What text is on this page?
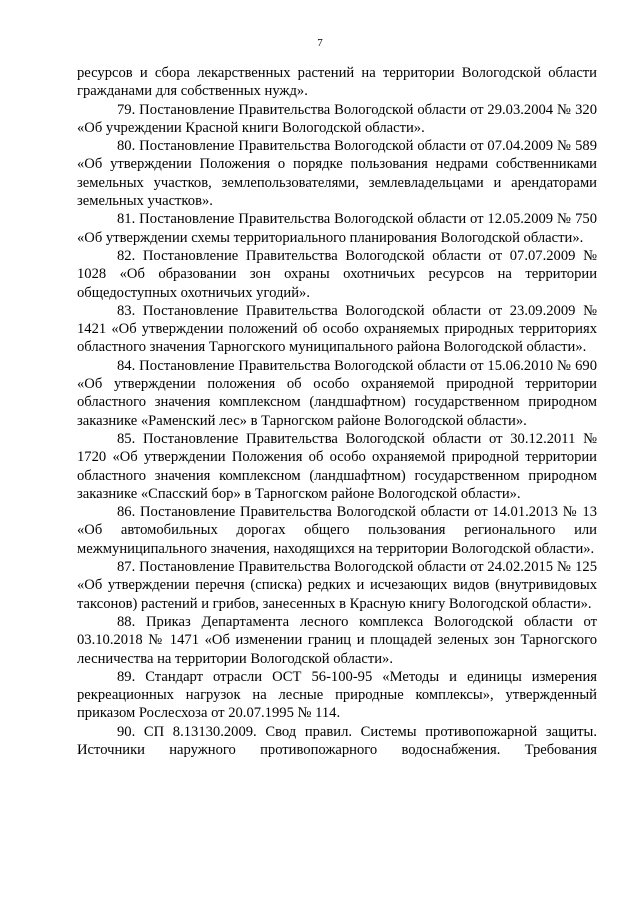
7

ресурсов и сбора лекарственных растений на территории Вологодской области гражданами для собственных нужд».

79. Постановление Правительства Вологодской области от 29.03.2004 № 320 «Об учреждении Красной книги Вологодской области».

80. Постановление Правительства Вологодской области от 07.04.2009 № 589 «Об утверждении Положения о порядке пользования недрами собственниками земельных участков, землепользователями, землевладельцами и арендаторами земельных участков».

81. Постановление Правительства Вологодской области от 12.05.2009 № 750 «Об утверждении схемы территориального планирования Вологодской области».

82. Постановление Правительства Вологодской области от 07.07.2009 № 1028 «Об образовании зон охраны охотничьих ресурсов на территории общедоступных охотничьих угодий».

83. Постановление Правительства Вологодской области от 23.09.2009 № 1421 «Об утверждении положений об особо охраняемых природных территориях областного значения Тарногского муниципального района Вологодской области».

84. Постановление Правительства Вологодской области от 15.06.2010 № 690 «Об утверждении положения об особо охраняемой природной территории областного значения комплексном (ландшафтном) государственном природном заказнике «Раменский лес» в Тарногском районе Вологодской области».

85. Постановление Правительства Вологодской области от 30.12.2011 № 1720 «Об утверждении Положения об особо охраняемой природной территории областного значения комплексном (ландшафтном) государственном природном заказнике «Спасский бор» в Тарногском районе Вологодской области».

86. Постановление Правительства Вологодской области от 14.01.2013 № 13 «Об автомобильных дорогах общего пользования регионального или межмуниципального значения, находящихся на территории Вологодской области».

87. Постановление Правительства Вологодской области от 24.02.2015 № 125 «Об утверждении перечня (списка) редких и исчезающих видов (внутривидовых таксонов) растений и грибов, занесенных в Красную книгу Вологодской области».

88. Приказ Департамента лесного комплекса Вологодской области от 03.10.2018 № 1471 «Об изменении границ и площадей зеленых зон Тарногского лесничества на территории Вологодской области».

89. Стандарт отрасли ОСТ 56-100-95 «Методы и единицы измерения рекреационных нагрузок на лесные природные комплексы», утвержденный приказом Рослесхоза от 20.07.1995 № 114.

90. СП 8.13130.2009. Свод правил. Системы противопожарной защиты. Источники наружного противопожарного водоснабжения. Требования
